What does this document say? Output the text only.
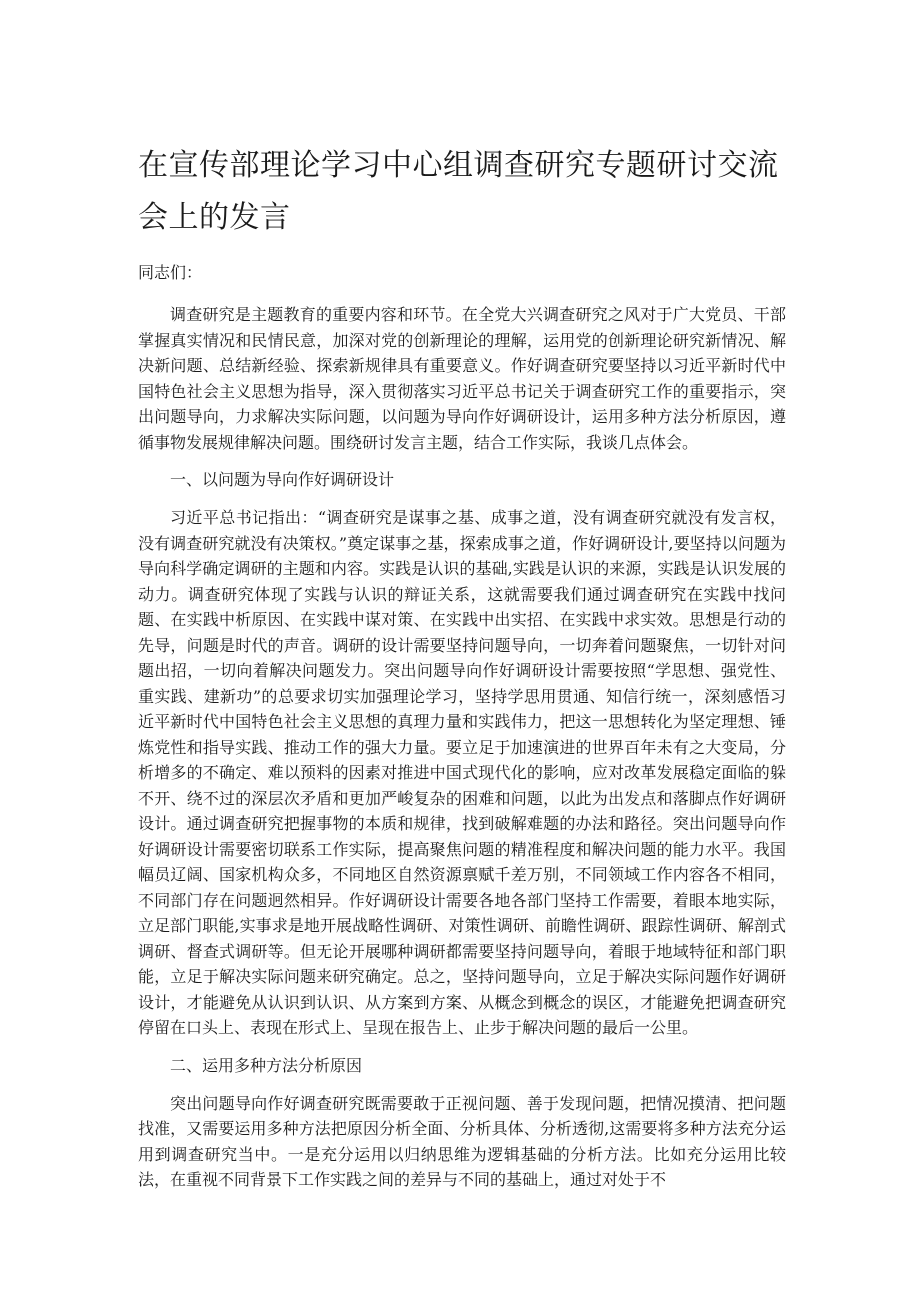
在宣传部理论学习中心组调查研究专题研讨交流会上的发言

同志们：

调查研究是主题教育的重要内容和环节。在全党大兴调查研究之风对于广大党员、干部掌握真实情况和民情民意，加深对党的创新理论的理解，运用党的创新理论研究新情况、解决新问题、总结新经验、探索新规律具有重要意义。作好调查研究要坚持以习近平新时代中国特色社会主义思想为指导，深入贯彻落实习近平总书记关于调查研究工作的重要指示，突出问题导向，力求解决实际问题，以问题为导向作好调研设计，运用多种方法分析原因，遵循事物发展规律解决问题。围绕研讨发言主题，结合工作实际，我谈几点体会。

一、以问题为导向作好调研设计

习近平总书记指出：“调查研究是谋事之基、成事之道，没有调查研究就没有发言权，没有调查研究就没有决策权。”奠定谋事之基，探索成事之道，作好调研设计,要坚持以问题为导向科学确定调研的主题和内容。实践是认识的基础,实践是认识的来源，实践是认识发展的动力。调查研究体现了实践与认识的辩证关系，这就需要我们通过调查研究在实践中找问题、在实践中析原因、在实践中谋对策、在实践中出实招、在实践中求实效。思想是行动的先导，问题是时代的声音。调研的设计需要坚持问题导向，一切奔着问题聚焦，一切针对问题出招，一切向着解决问题发力。突出问题导向作好调研设计需要按照“学思想、强党性、重实践、建新功”的总要求切实加强理论学习，坚持学思用贯通、知信行统一，深刻感悟习近平新时代中国特色社会主义思想的真理力量和实践伟力，把这一思想转化为坚定理想、锤炼党性和指导实践、推动工作的强大力量。要立足于加速演进的世界百年未有之大变局，分析增多的不确定、难以预料的因素对推进中国式现代化的影响，应对改革发展稳定面临的躲不开、绕不过的深层次矛盾和更加严峻复杂的困难和问题，以此为出发点和落脚点作好调研设计。通过调查研究把握事物的本质和规律，找到破解难题的办法和路径。突出问题导向作好调研设计需要密切联系工作实际，提高聚焦问题的精准程度和解决问题的能力水平。我国幅员辽阔、国家机构众多，不同地区自然资源禀赋千差万别，不同领域工作内容各不相同，不同部门存在问题迥然相异。作好调研设计需要各地各部门坚持工作需要，着眼本地实际，立足部门职能,实事求是地开展战略性调研、对策性调研、前瞻性调研、跟踪性调研、解剖式调研、督查式调研等。但无论开展哪种调研都需要坚持问题导向，着眼于地域特征和部门职能，立足于解决实际问题来研究确定。总之，坚持问题导向，立足于解决实际问题作好调研设计，才能避免从认识到认识、从方案到方案、从概念到概念的误区，才能避免把调查研究停留在口头上、表现在形式上、呈现在报告上、止步于解决问题的最后一公里。

二、运用多种方法分析原因

突出问题导向作好调查研究既需要敢于正视问题、善于发现问题，把情况摸清、把问题找准，又需要运用多种方法把原因分析全面、分析具体、分析透彻,这需要将多种方法充分运用到调查研究当中。一是充分运用以归纳思维为逻辑基础的分析方法。比如充分运用比较法，在重视不同背景下工作实践之间的差异与不同的基础上，通过对处于不
